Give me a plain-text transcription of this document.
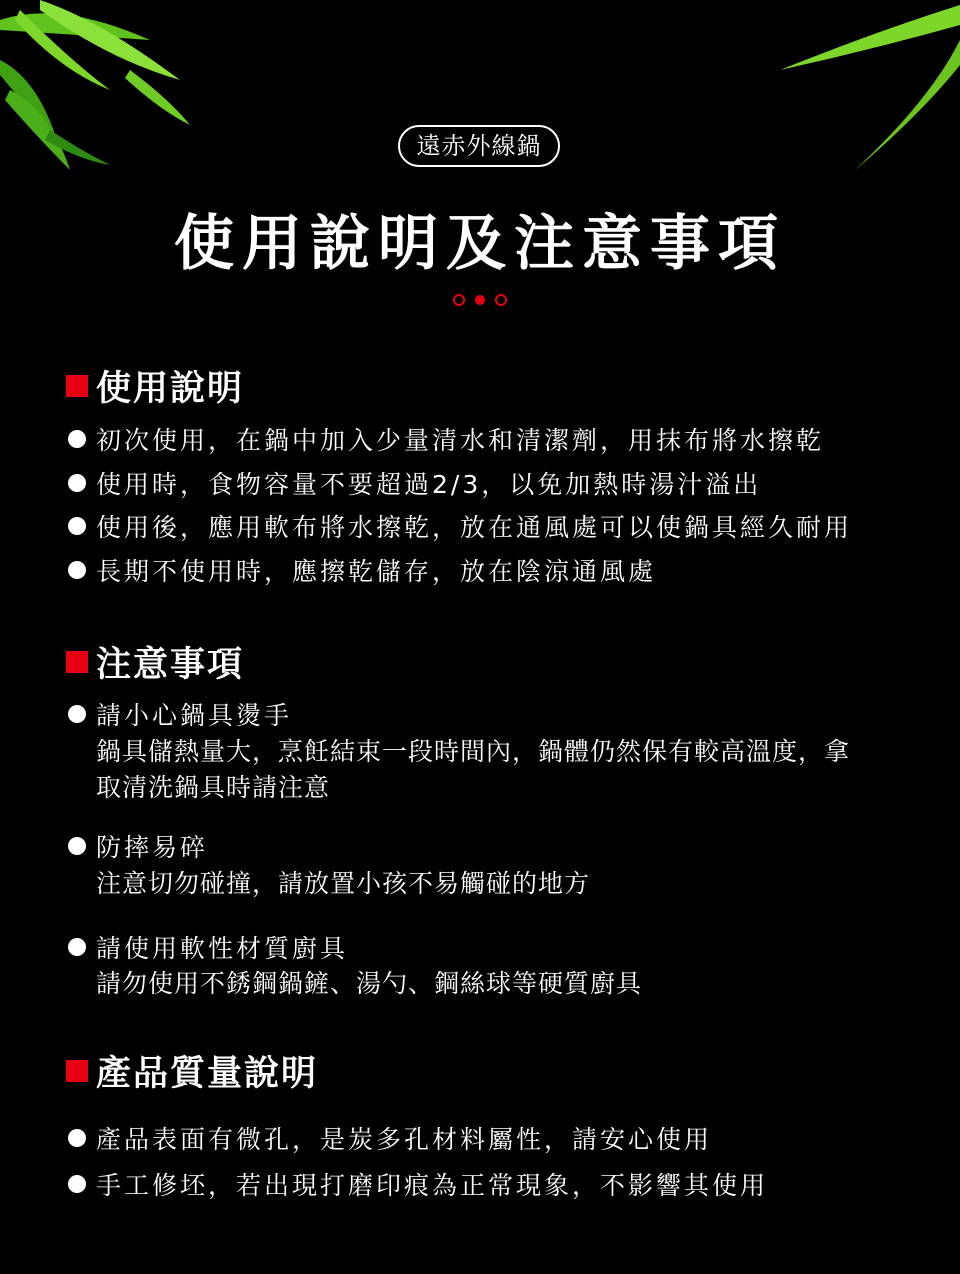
遠赤外線鍋
使用說明及注意事項
使用說明
初次使用，在鍋中加入少量清水和清潔劑，用抹布將水擦乾
使用時，食物容量不要超過2/3，以免加熱時湯汁溢出
使用後，應用軟布將水擦乾，放在通風處可以使鍋具經久耐用
長期不使用時，應擦乾儲存，放在陰涼通風處
注意事項
請小心鍋具燙手
鍋具儲熱量大，烹飪結束一段時間內，鍋體仍然保有較高溫度，拿
取清洗鍋具時請注意
防摔易碎
注意切勿碰撞，請放置小孩不易觸碰的地方
請使用軟性材質廚具
請勿使用不銹鋼鍋鏟、湯勺、鋼絲球等硬質廚具
產品質量說明
產品表面有微孔，是炭多孔材料屬性，請安心使用
手工修坯，若出現打磨印痕為正常現象，不影響其使用
